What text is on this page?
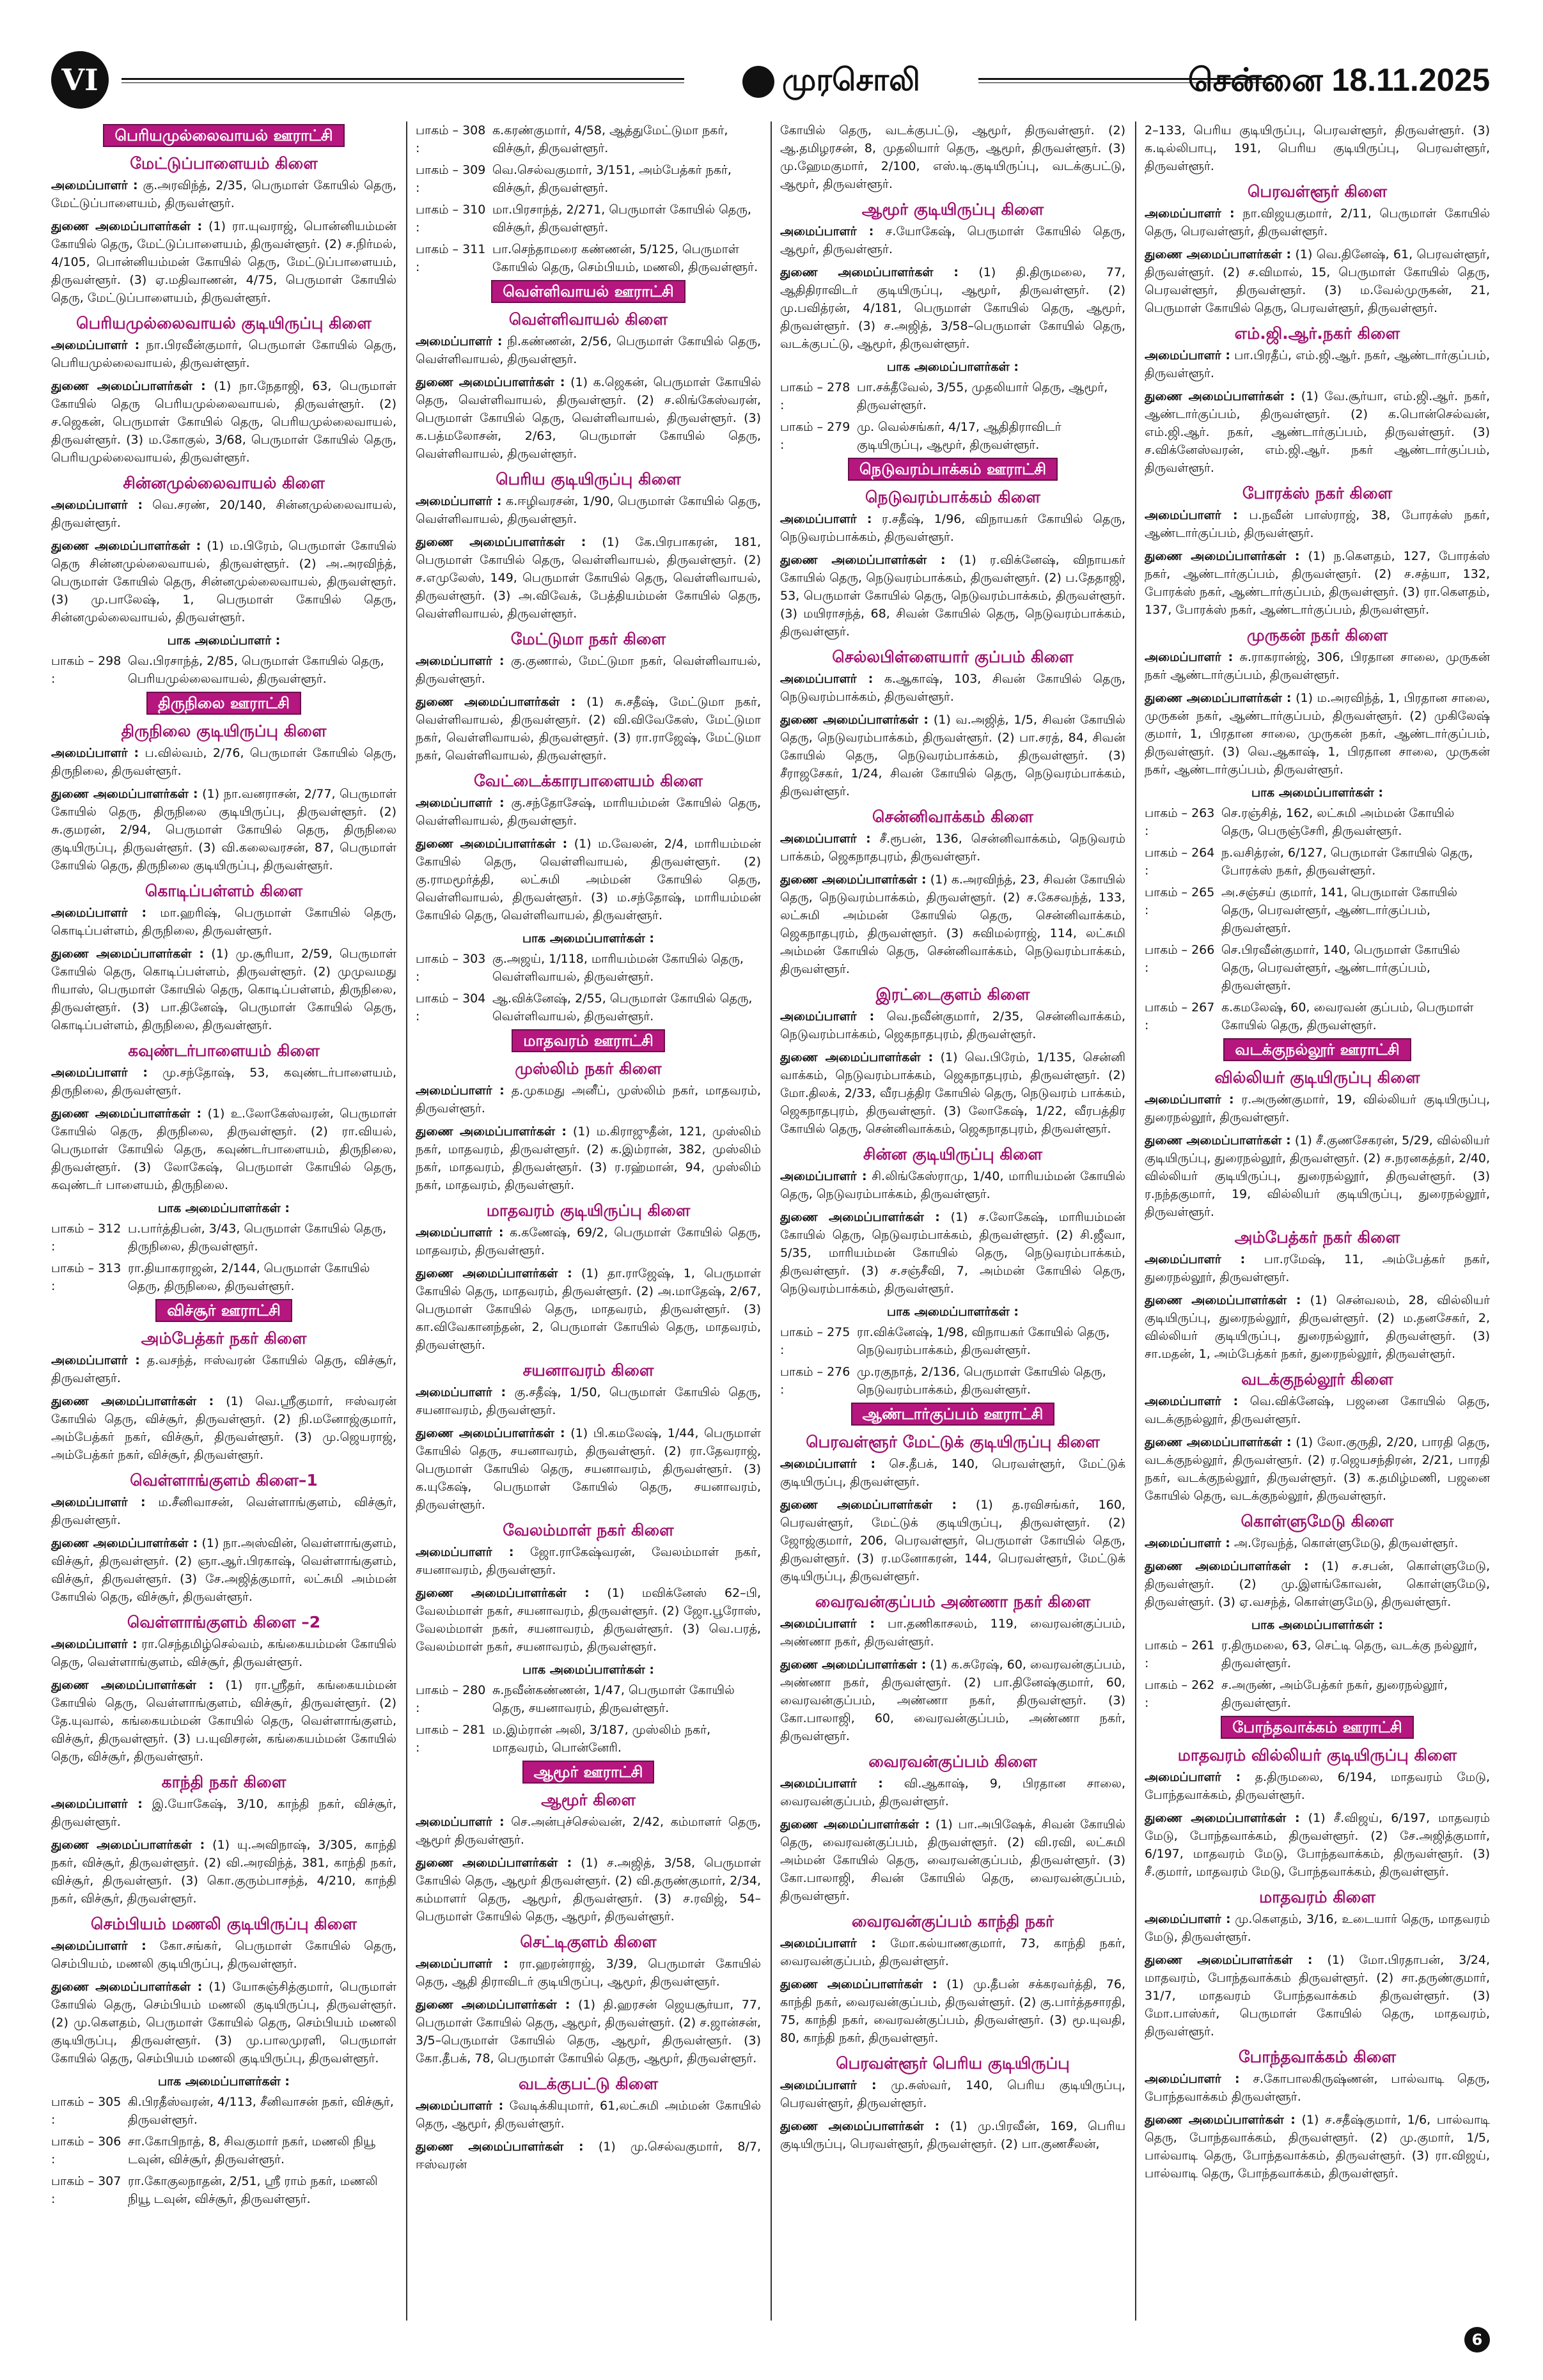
VI	முரசொலி	சென்னை 18.11.2025
பெரியமுல்லைவாயல் ஊராட்சி
மேட்டுப்பாளையம் கிளை

அமைப்பாளர் : கு.அரவிந்த், 2/35, பெருமாள் கோயில் தெரு, மேட்டுப்பாளையம், திருவள்ளூர்.

துணை அமைப்பாளர்கள் : (1) ரா.யுவராஜ், பொன்னியம்மன் கோயில் தெரு, மேட்டுப்பாளையம், திருவள்ளூர். (2) ச.நிர்மல், 4/105, பொன்னியம்மன் கோயில் தெரு, மேட்டுப்பாளையம், திருவள்ளூர். (3) ஏ.மதிவாணன், 4/75, பெருமாள் கோயில் தெரு, மேட்டுப்பாளையம், திருவள்ளூர்.

பெரியமுல்லைவாயல் குடியிருப்பு கிளை

அமைப்பாளர் : நா.பிரவீன்குமார், பெருமாள் கோயில் தெரு, பெரியமுல்லைவாயல், திருவள்ளூர்.

துணை அமைப்பாளர்கள் : (1) நா.நேதாஜி, 63, பெருமாள் கோயில் தெரு பெரியமுல்லைவாயல், திருவள்ளூர். (2) ச.ஜெகன், பெருமாள் கோயில் தெரு, பெரியமுல்லைவாயல், திருவள்ளூர். (3) ம.கோகுல், 3/68, பெருமாள் கோயில் தெரு, பெரியமுல்லைவாயல், திருவள்ளூர்.

சின்னமுல்லைவாயல் கிளை

அமைப்பாளர் : வெ.சரண், 20/140, சின்னமுல்லைவாயல், திருவள்ளூர்.

துணை அமைப்பாளர்கள் : (1) ம.பிரேம், பெருமாள் கோயில் தெரு சின்னமுல்லைவாயல், திருவள்ளூர். (2) அ.அரவிந்த், பெருமாள் கோயில் தெரு, சின்னமுல்லைவாயல், திருவள்ளூர். (3) மு.பாலேஷ், 1, பெருமாள் கோயில் தெரு, சின்னமுல்லைவாயல், திருவள்ளூர்.

பாக அமைப்பாளர் :
பாகம் – 298 :
வெ.பிரசாந்த், 2/85, பெருமாள் கோயில் தெரு, பெரியமுல்லைவாயல், திருவள்ளூர்.
திருநிலை ஊராட்சி
திருநிலை குடியிருப்பு கிளை

அமைப்பாளர் : ப.வில்வம், 2/76, பெருமாள் கோயில் தெரு, திருநிலை, திருவள்ளூர்.

துணை அமைப்பாளர்கள் : (1) நா.வனராசன், 2/77, பெருமாள் கோயில் தெரு, திருநிலை குடியிருப்பு, திருவள்ளூர். (2) சு.குமரன், 2/94, பெருமாள் கோயில் தெரு, திருநிலை குடியிருப்பு, திருவள்ளூர். (3) வி.கலைவரசன், 87, பெருமாள் கோயில் தெரு, திருநிலை குடியிருப்பு, திருவள்ளூர்.

கொடிப்பள்ளம் கிளை

அமைப்பாளர் : மா.ஹரிஷ், பெருமாள் கோயில் தெரு, கொடிப்பள்ளம், திருநிலை, திருவள்ளூர்.

துணை அமைப்பாளர்கள் : (1) மு.சூரியா, 2/59, பெருமாள் கோயில் தெரு, கொடிப்பள்ளம், திருவள்ளூர். (2) முமுவமது ரியாஸ், பெருமாள் கோயில் தெரு, கொடிப்பள்ளம், திருநிலை, திருவள்ளூர். (3) பா.தினேஷ், பெருமாள் கோயில் தெரு, கொடிப்பள்ளம், திருநிலை, திருவள்ளூர்.

கவுண்டர்பாளையம் கிளை

அமைப்பாளர் : மு.சந்தோஷ், 53, கவுண்டர்பாளையம், திருநிலை, திருவள்ளூர்.

துணை அமைப்பாளர்கள் : (1) உ.லோகேஸ்வரன், பெருமாள் கோயில் தெரு, திருநிலை, திருவள்ளூர். (2) ரா.வியல், பெருமாள் கோயில் தெரு, கவுண்டர்பாளையம், திருநிலை, திருவள்ளூர். (3) லோகேஷ், பெருமாள் கோயில் தெரு, கவுண்டர் பாளையம், திருநிலை.

பாக அமைப்பாளர்கள் :
பாகம் – 312 :
ப.பார்த்திபன், 3/43, பெருமாள் கோயில் தெரு, திருநிலை, திருவள்ளூர்.
பாகம் – 313 :
ரா.தியாகராஜன், 2/144, பெருமாள் கோயில் தெரு, திருநிலை, திருவள்ளூர்.
விச்சூர் ஊராட்சி
அம்பேத்கர் நகர் கிளை

அமைப்பாளர் : த.வசந்த், ஈஸ்வரன் கோயில் தெரு, விச்சூர், திருவள்ளூர்.

துணை அமைப்பாளர்கள் : (1) வெ.ஸ்ரீகுமார், ஈஸ்வரன் கோயில் தெரு, விச்சூர், திருவள்ளூர். (2) நி.மனோஜ்குமார், அம்பேத்கர் நகர், விச்சூர், திருவள்ளூர். (3) மு.ஜெயராஜ், அம்பேத்கர் நகர், விச்சூர், திருவள்ளூர்.

வெள்ளாங்குளம் கிளை–1

அமைப்பாளர் : ம.சீனிவாசன், வெள்ளாங்குளம், விச்சூர், திருவள்ளூர்.

துணை அமைப்பாளர்கள் : (1) நா.அஸ்வின், வெள்ளாங்குளம், விச்சூர், திருவள்ளூர். (2) ஞா.ஆர்.பிரகாஷ், வெள்ளாங்குளம், விச்சூர், திருவள்ளூர். (3) சே.அஜித்குமார், லட்சுமி அம்மன் கோயில் தெரு, விச்சூர், திருவள்ளூர்.

வெள்ளாங்குளம் கிளை –2

அமைப்பாளர் : ரா.செந்தமிழ்செல்வம், கங்கையம்மன் கோயில் தெரு, வெள்ளாங்குளம், விச்சூர், திருவள்ளூர்.

துணை அமைப்பாளர்கள் : (1) ரா.ஸ்ரீதர், கங்கையம்மன் கோயில் தெரு, வெள்ளாங்குளம், விச்சூர், திருவள்ளூர். (2) தே.யுவால், கங்கையம்மன் கோயில் தெரு, வெள்ளாங்குளம், விச்சூர், திருவள்ளூர். (3) ப.யுவிசரன், கங்கையம்மன் கோயில் தெரு, விச்சூர், திருவள்ளூர்.

காந்தி நகர் கிளை

அமைப்பாளர் : இ.யோகேஷ், 3/10, காந்தி நகர், விச்சூர், திருவள்ளூர்.

துணை அமைப்பாளர்கள் : (1) யு.அவிநாஷ், 3/305, காந்தி நகர், விச்சூர், திருவள்ளூர். (2) வி.அரவிந்த், 381, காந்தி நகர், விச்சூர், திருவள்ளூர். (3) கொ.குரும்பாசந்த், 4/210, காந்தி நகர், விச்சூர், திருவள்ளூர்.

செம்பியம் மணலி குடியிருப்பு கிளை

அமைப்பாளர் : கோ.சங்கர், பெருமாள் கோயில் தெரு, செம்பியம், மணலி குடியிருப்பு, திருவள்ளூர்.

துணை அமைப்பாளர்கள் : (1) யோசுஞ்சித்குமார், பெருமாள் கோயில் தெரு, செம்பியம் மணலி குடியிருப்பு, திருவள்ளூர். (2) மு.கௌதம், பெருமாள் கோயில் தெரு, செம்பியம் மணலி குடியிருப்பு, திருவள்ளூர். (3) மு.பாலமுரளி, பெருமாள் கோயில் தெரு, செம்பியம் மணலி குடியிருப்பு, திருவள்ளூர்.

பாக அமைப்பாளர்கள் :
பாகம் – 305 :
கி.பிரதீஸ்வரன், 4/113, சீனிவாசன் நகர், விச்சூர், திருவள்ளூர்.
பாகம் – 306 :
சா.கோபிநாத், 8, சிவகுமார் நகர், மணலி நியூ டவுன், விச்சூர், திருவள்ளூர்.
பாகம் – 307 :
ரா.கோகுலநாதன், 2/51, ஸ்ரீ ராம் நகர், மணலி நியூ டவுன், விச்சூர், திருவள்ளூர்.
பாகம் – 308 :
க.கரண்குமார், 4/58, ஆத்துமேட்டுமா நகர், விச்சூர், திருவள்ளூர்.
பாகம் – 309 :
வெ.செல்வகுமார், 3/151, அம்பேத்கர் நகர், விச்சூர், திருவள்ளூர்.
பாகம் – 310 :
மா.பிரசாந்த், 2/271, பெருமாள் கோயில் தெரு, விச்சூர், திருவள்ளூர்.
பாகம் – 311 :
பா.செந்தாமரை கண்ணன், 5/125, பெருமாள் கோயில் தெரு, செம்பியம், மணலி, திருவள்ளூர்.
வெள்ளிவாயல் ஊராட்சி
வெள்ளிவாயல் கிளை

அமைப்பாளர் : நி.கண்ணன், 2/56, பெருமாள் கோயில் தெரு, வெள்ளிவாயல், திருவள்ளூர்.

துணை அமைப்பாளர்கள் : (1) க.ஜெகன், பெருமாள் கோயில் தெரு, வெள்ளிவாயல், திருவள்ளூர். (2) ச.லிங்கேஸ்வரன், பெருமாள் கோயில் தெரு, வெள்ளிவாயல், திருவள்ளூர். (3) க.பத்மலோசன், 2/63, பெருமாள் கோயில் தெரு, வெள்ளிவாயல், திருவள்ளூர்.

பெரிய குடியிருப்பு கிளை

அமைப்பாளர் : க.ஈழிவரசன், 1/90, பெருமாள் கோயில் தெரு, வெள்ளிவாயல், திருவள்ளூர்.

துணை அமைப்பாளர்கள் : (1) கே.பிரபாகரன், 181, பெருமாள் கோயில் தெரு, வெள்ளிவாயல், திருவள்ளூர். (2) ச.எமுலேஸ், 149, பெருமாள் கோயில் தெரு, வெள்ளிவாயல், திருவள்ளூர். (3) அ.விவேக், பேத்தியம்மன் கோயில் தெரு, வெள்ளிவாயல், திருவள்ளூர்.

மேட்டுமா நகர் கிளை

அமைப்பாளர் : கு.குணால், மேட்டுமா நகர், வெள்ளிவாயல், திருவள்ளூர்.

துணை அமைப்பாளர்கள் : (1) சு.சதீஷ், மேட்டுமா நகர், வெள்ளிவாயல், திருவள்ளூர். (2) வி.விவேகேஸ், மேட்டுமா நகர், வெள்ளிவாயல், திருவள்ளூர். (3) ரா.ராஜேஷ், மேட்டுமா நகர், வெள்ளிவாயல், திருவள்ளூர்.

வேட்டைக்காரபாளையம் கிளை

அமைப்பாளர் : கு.சந்தோசேஷ், மாரியம்மன் கோயில் தெரு, வெள்ளிவாயல், திருவள்ளூர்.

துணை அமைப்பாளர்கள் : (1) ம.வேலன், 2/4, மாரியம்மன் கோயில் தெரு, வெள்ளிவாயல், திருவள்ளூர். (2) கு.ராமமூர்த்தி, லட்சுமி அம்மன் கோயில் தெரு, வெள்ளிவாயல், திருவள்ளூர். (3) ம.சந்தோஷ், மாரியம்மன் கோயில் தெரு, வெள்ளிவாயல், திருவள்ளூர்.

பாக அமைப்பாளர்கள் :
பாகம் – 303 :
கு.அஜய், 1/118, மாரியம்மன் கோயில் தெரு, வெள்ளிவாயல், திருவள்ளூர்.
பாகம் – 304 :
ஆ.விக்னேஷ், 2/55, பெருமாள் கோயில் தெரு, வெள்ளிவாயல், திருவள்ளூர்.
மாதவரம் ஊராட்சி
முஸ்லிம் நகர் கிளை

அமைப்பாளர் : த.முகமது அனீப், முஸ்லிம் நகர், மாதவரம், திருவள்ளூர்.

துணை அமைப்பாளர்கள் : (1) ம.கிராஜுதீன், 121, முஸ்லிம் நகர், மாதவரம், திருவள்ளூர். (2) க.இம்ரான், 382, முஸ்லிம் நகர், மாதவரம், திருவள்ளூர். (3) ர.ரஹ்மான், 94, முஸ்லிம் நகர், மாதவரம், திருவள்ளூர்.

மாதவரம் குடியிருப்பு கிளை

அமைப்பாளர் : க.கணேஷ், 69/2, பெருமாள் கோயில் தெரு, மாதவரம், திருவள்ளூர்.

துணை அமைப்பாளர்கள் : (1) தா.ராஜேஷ், 1, பெருமாள் கோயில் தெரு, மாதவரம், திருவள்ளூர். (2) அ.மாதேஷ், 2/67, பெருமாள் கோயில் தெரு, மாதவரம், திருவள்ளூர். (3) கா.விவேகானந்தன், 2, பெருமாள் கோயில் தெரு, மாதவரம், திருவள்ளூர்.

சயனாவரம் கிளை

அமைப்பாளர் : கு.சதீஷ், 1/50, பெருமாள் கோயில் தெரு, சயனாவரம், திருவள்ளூர்.

துணை அமைப்பாளர்கள் : (1) பி.கமலேஷ், 1/44, பெருமாள் கோயில் தெரு, சயனாவரம், திருவள்ளூர். (2) ரா.தேவராஜ், பெருமாள் கோயில் தெரு, சயனாவரம், திருவள்ளூர். (3) க.யுகேஷ், பெருமாள் கோயில் தெரு, சயனாவரம், திருவள்ளூர்.

வேலம்மாள் நகர் கிளை

அமைப்பாளர் : ஜோ.ராகேஷ்வரன், வேலம்மாள் நகர், சயனாவரம், திருவள்ளூர்.

துணை அமைப்பாளர்கள் : (1) மவிக்னேஸ் 62–பி, வேலம்மாள் நகர், சயனாவரம், திருவள்ளூர். (2) ஜோ.பூரோஸ், வேலம்மாள் நகர், சயனாவரம், திருவள்ளூர். (3) வெ.பரத், வேலம்மாள் நகர், சயனாவரம், திருவள்ளூர்.

பாக அமைப்பாளர்கள் :
பாகம் – 280 :
சு.நவீன்கண்ணன், 1/47, பெருமாள் கோயில் தெரு, சயனாவரம், திருவள்ளூர்.
பாகம் – 281 :
ம.இம்ரான் அலி, 3/187, முஸ்லிம் நகர், மாதவரம், பொன்னேரி.
ஆமூர் ஊராட்சி
ஆமூர் கிளை

அமைப்பாளர் : செ.அன்புச்செல்வன், 2/42, கம்மாளர் தெரு, ஆமூர் திருவள்ளூர்.

துணை அமைப்பாளர்கள் : (1) ச.அஜித், 3/58, பெருமாள் கோயில் தெரு, ஆமூர் திருவள்ளூர். (2) வி.தருண்குமார், 2/34, கம்மாளர் தெரு, ஆமூர், திருவள்ளூர். (3) ச.ரவிஜ், 54–பெருமாள் கோயில் தெரு, ஆமூர், திருவள்ளூர்.

செட்டிகுளம் கிளை

அமைப்பாளர் : ரா.ஹரன்ராஜ், 3/39, பெருமாள் கோயில் தெரு, ஆதி திராவிடர் குடியிருப்பு, ஆமூர், திருவள்ளூர்.

துணை அமைப்பாளர்கள் : (1) தி.ஹரசன் ஜெயசூர்யா, 77, பெருமாள் கோயில் தெரு, ஆமூர், திருவள்ளூர். (2) ச.ஜான்சன், 3/5–பெருமாள் கோயில் தெரு, ஆமூர், திருவள்ளூர். (3) கோ.தீபக், 78, பெருமாள் கோயில் தெரு, ஆமூர், திருவள்ளூர்.

வடக்குபட்டு கிளை

அமைப்பாளர் : வேடிக்கியுமார், 61,லட்சுமி அம்மன் கோயில் தெரு, ஆமூர், திருவள்ளூர்.

துணை அமைப்பாளர்கள் : (1) மு.செல்வகுமார், 8/7, ஈஸ்வரன்

கோயில் தெரு, வடக்குபட்டு, ஆமூர், திருவள்ளூர். (2) ஆ.தமிழரசன், 8, முதலியார் தெரு, ஆமூர், திருவள்ளூர். (3) மு.ஹேமகுமார், 2/100, எஸ்.டி.குடியிருப்பு, வடக்குபட்டு, ஆமூர், திருவள்ளூர்.

ஆமூர் குடியிருப்பு கிளை

அமைப்பாளர் : ச.யோகேஷ், பெருமாள் கோயில் தெரு, ஆமூர், திருவள்ளூர்.

துணை அமைப்பாளர்கள் : (1) தி.திருமலை, 77, ஆதிதிராவிடர் குடியிருப்பு, ஆமூர், திருவள்ளூர். (2) மு.பவித்ரன், 4/181, பெருமாள் கோயில் தெரு, ஆமூர், திருவள்ளூர். (3) ச.அஜித், 3/58–பெருமாள் கோயில் தெரு, வடக்குபட்டு, ஆமூர், திருவள்ளூர்.

பாக அமைப்பாளர்கள் :
பாகம் – 278 :
பா.சக்தீவேல், 3/55, முதலியார் தெரு, ஆமூர், திருவள்ளூர்.
பாகம் – 279 :
மு. வெல்சங்கர், 4/17, ஆதிதிராவிடர் குடியிருப்பு, ஆமூர், திருவள்ளூர்.
நெடுவரம்பாக்கம் ஊராட்சி
நெடுவரம்பாக்கம் கிளை

அமைப்பாளர் : ர.சதீஷ், 1/96, விநாயகர் கோயில் தெரு, நெடுவரம்பாக்கம், திருவள்ளூர்.

துணை அமைப்பாளர்கள் : (1) ர.விக்னேஷ், விநாயகர் கோயில் தெரு, நெடுவரம்பாக்கம், திருவள்ளூர். (2) ப.தேதாஜி, 53, பெருமாள் கோயில் தெரு, நெடுவரம்பாக்கம், திருவள்ளூர். (3) மயிராசந்த், 68, சிவன் கோயில் தெரு, நெடுவரம்பாக்கம், திருவள்ளூர்.

செல்லபிள்ளையார் குப்பம் கிளை

அமைப்பாளர் : க.ஆகாஷ், 103, சிவன் கோயில் தெரு, நெடுவரம்பாக்கம், திருவள்ளூர்.

துணை அமைப்பாளர்கள் : (1) வ.அஜித், 1/5, சிவன் கோயில் தெரு, நெடுவரம்பாக்கம், திருவள்ளூர். (2) பா.சரத், 84, சிவன் கோயில் தெரு, நெடுவரம்பாக்கம், திருவள்ளூர். (3) சீராஜசேகர், 1/24, சிவன் கோயில் தெரு, நெடுவரம்பாக்கம், திருவள்ளூர்.

சென்னிவாக்கம் கிளை

அமைப்பாளர் : சீ.ரூபன், 136, சென்னிவாக்கம், நெடுவரம் பாக்கம், ஜெகநாதபுரம், திருவள்ளூர்.

துணை அமைப்பாளர்கள் : (1) க.அரவிந்த், 23, சிவன் கோயில் தெரு, நெடுவரம்பாக்கம், திருவள்ளூர். (2) ச.கேசவந்த், 133, லட்சுமி அம்மன் கோயில் தெரு, சென்னிவாக்கம், ஜெகநாதபுரம், திருவள்ளூர். (3) சுவிமல்ராஜ், 114, லட்சுமி அம்மன் கோயில் தெரு, சென்னிவாக்கம், நெடுவரம்பாக்கம், திருவள்ளூர்.

இரட்டைகுளம் கிளை

அமைப்பாளர் : வெ.நவீன்குமார், 2/35, சென்னிவாக்கம், நெடுவரம்பாக்கம், ஜெகநாதபுரம், திருவள்ளூர்.

துணை அமைப்பாளர்கள் : (1) வெ.பிரேம், 1/135, சென்னி வாக்கம், நெடுவரம்பாக்கம், ஜெகநாதபுரம், திருவள்ளூர். (2) மோ.திலக், 2/33, வீரபத்திர கோயில் தெரு, நெடுவரம் பாக்கம், ஜெகநாதபுரம், திருவள்ளூர். (3) லோகேஷ், 1/22, வீரபத்திர கோயில் தெரு, சென்னிவாக்கம், ஜெகநாதபுரம், திருவள்ளூர்.

சின்ன குடியிருப்பு கிளை

அமைப்பாளர் : சி.லிங்கேஸ்ராமு, 1/40, மாரியம்மன் கோயில் தெரு, நெடுவரம்பாக்கம், திருவள்ளூர்.

துணை அமைப்பாளர்கள் : (1) ச.லோகேஷ், மாரியம்மன் கோயில் தெரு, நெடுவரம்பாக்கம், திருவள்ளூர். (2) சி.ஜீவா, 5/35, மாரியம்மன் கோயில் தெரு, நெடுவரம்பாக்கம், திருவள்ளூர். (3) ச.சஞ்சீவி, 7, அம்மன் கோயில் தெரு, நெடுவரம்பாக்கம், திருவள்ளூர்.

பாக அமைப்பாளர்கள் :
பாகம் – 275 :
ரா.விக்னேஷ், 1/98, விநாயகர் கோயில் தெரு, நெடுவரம்பாக்கம், திருவள்ளூர்.
பாகம் – 276 :
மு.ரகுநாத், 2/136, பெருமாள் கோயில் தெரு, நெடுவரம்பாக்கம், திருவள்ளூர்.
ஆண்டார்குப்பம் ஊராட்சி
பெரவள்ளூர் மேட்டுக் குடியிருப்பு கிளை

அமைப்பாளர் : செ.தீபக், 140, பெரவள்ளூர், மேட்டுக் குடியிருப்பு, திருவள்ளூர்.

துணை அமைப்பாளர்கள் : (1) த.ரவிசங்கர், 160, பெரவள்ளூர், மேட்டுக் குடியிருப்பு, திருவள்ளூர். (2) ஜோஜ்குமார், 206, பெரவள்ளூர், பெருமாள் கோயில் தெரு, திருவள்ளூர். (3) ர.மனோகரன், 144, பெரவள்ளூர், மேட்டுக் குடியிருப்பு, திருவள்ளூர்.

வைரவன்குப்பம் அண்ணா நகர் கிளை

அமைப்பாளர் : பா.தணிகாசலம், 119, வைரவன்குப்பம், அண்ணா நகர், திருவள்ளூர்.

துணை அமைப்பாளர்கள் : (1) க.சுரேஷ், 60, வைரவன்குப்பம், அண்ணா நகர், திருவள்ளூர். (2) பா.தினேஷ்குமார், 60, வைரவன்குப்பம், அண்ணா நகர், திருவள்ளூர். (3) கோ.பாலாஜி, 60, வைரவன்குப்பம், அண்ணா நகர், திருவள்ளூர்.

வைரவன்குப்பம் கிளை

அமைப்பாளர் : வி.ஆகாஷ், 9, பிரதான சாலை, வைரவன்குப்பம், திருவள்ளூர்.

துணை அமைப்பாளர்கள் : (1) பா.அபிஷேக், சிவன் கோயில் தெரு, வைரவன்குப்பம், திருவள்ளூர். (2) வி.ரவி, லட்சுமி அம்மன் கோயில் தெரு, வைரவன்குப்பம், திருவள்ளூர். (3) கோ.பாலாஜி, சிவன் கோயில் தெரு, வைரவன்குப்பம், திருவள்ளூர்.

வைரவன்குப்பம் காந்தி நகர்

அமைப்பாளர் : மோ.கல்யாணகுமார், 73, காந்தி நகர், வைரவன்குப்பம், திருவள்ளூர்.

துணை அமைப்பாளர்கள் : (1) மு.தீபன் சக்கரவர்த்தி, 76, காந்தி நகர், வைரவன்குப்பம், திருவள்ளூர். (2) கு.பார்த்தசாரதி, 75, காந்தி நகர், வைரவன்குப்பம், திருவள்ளூர். (3) மூ.யுவதி, 80, காந்தி நகர், திருவள்ளூர்.

பெரவள்ளூர் பெரிய குடியிருப்பு

அமைப்பாளர் : மு.சுஸ்வர், 140, பெரிய குடியிருப்பு, பெரவள்ளூர், திருவள்ளூர்.

துணை அமைப்பாளர்கள் : (1) மு.பிரவீன், 169, பெரிய குடியிருப்பு, பெரவள்ளூர், திருவள்ளூர். (2) பா.குணசீலன்,

2–133, பெரிய குடியிருப்பு, பெரவள்ளூர், திருவள்ளூர். (3) க.டில்லிபாபு, 191, பெரிய குடியிருப்பு, பெரவள்ளூர், திருவள்ளூர்.

பெரவள்ளூர் கிளை

அமைப்பாளர் : நா.விஜயகுமார், 2/11, பெருமாள் கோயில் தெரு, பெரவள்ளூர், திருவள்ளூர்.

துணை அமைப்பாளர்கள் : (1) வெ.தினேஷ், 61, பெரவள்ளூர், திருவள்ளூர். (2) ச.விமால், 15, பெருமாள் கோயில் தெரு, பெரவள்ளூர், திருவள்ளூர். (3) ம.வேல்முருகன், 21, பெருமாள் கோயில் தெரு, பெரவள்ளூர், திருவள்ளூர்.

எம்.ஜி.ஆர்.நகர் கிளை

அமைப்பாளர் : பா.பிரதீப், எம்.ஜி.ஆர். நகர், ஆண்டார்குப்பம், திருவள்ளூர்.

துணை அமைப்பாளர்கள் : (1) வே.சூர்யா, எம்.ஜி.ஆர். நகர், ஆண்டார்குப்பம், திருவள்ளூர். (2) க.பொன்செல்வன், எம்.ஜி.ஆர். நகர், ஆண்டார்குப்பம், திருவள்ளூர். (3) ச.விக்னேஸ்வரன், எம்.ஜி.ஆர். நகர் ஆண்டார்குப்பம், திருவள்ளூர்.

போரக்ஸ் நகர் கிளை

அமைப்பாளர் : ப.நவீன் பாஸ்ராஜ், 38, போரக்ஸ் நகர், ஆண்டார்குப்பம், திருவள்ளூர்.

துணை அமைப்பாளர்கள் : (1) ந.கௌதம், 127, போரக்ஸ் நகர், ஆண்டார்குப்பம், திருவள்ளூர். (2) ச.சத்யா, 132, போரக்ஸ் நகர், ஆண்டார்குப்பம், திருவள்ளூர். (3) ரா.கௌதம், 137, போரக்ஸ் நகர், ஆண்டார்குப்பம், திருவள்ளூர்.

முருகன் நகர் கிளை

அமைப்பாளர் : சு.ராகரான்ஜ், 306, பிரதான சாலை, முருகன் நகர் ஆண்டார்குப்பம், திருவள்ளூர்.

துணை அமைப்பாளர்கள் : (1) ம.அரவிந்த், 1, பிரதான சாலை, முருகன் நகர், ஆண்டார்குப்பம், திருவள்ளூர். (2) முகிலேஷ் குமார், 1, பிரதான சாலை, முருகன் நகர், ஆண்டார்குப்பம், திருவள்ளூர். (3) வெ.ஆகாஷ், 1, பிரதான சாலை, முருகன் நகர், ஆண்டார்குப்பம், திருவள்ளூர்.

பாக அமைப்பாளர்கள் :
பாகம் – 263 :
செ.ரஞ்சித், 162, லட்சுமி அம்மன் கோயில் தெரு, பெருஞ்சேரி, திருவள்ளூர்.
பாகம் – 264 :
ந.வசித்ரன், 6/127, பெருமாள் கோயில் தெரு, போரக்ஸ் நகர், திருவள்ளூர்.
பாகம் – 265 :
அ.சஞ்சய் குமார், 141, பெருமாள் கோயில் தெரு, பெரவள்ளூர், ஆண்டார்குப்பம், திருவள்ளூர்.
பாகம் – 266 :
செ.பிரவீன்குமார், 140, பெருமாள் கோயில் தெரு, பெரவள்ளூர், ஆண்டார்குப்பம், திருவள்ளூர்.
பாகம் – 267 :
க.கமலேஷ், 60, வைரவன் குப்பம், பெருமாள் கோயில் தெரு, திருவள்ளூர்.
வடக்குநல்லூர் ஊராட்சி
வில்லியர் குடியிருப்பு கிளை

அமைப்பாளர் : ர.அருண்குமார், 19, வில்லியர் குடியிருப்பு, துரைநல்லூர், திருவள்ளூர்.

துணை அமைப்பாளர்கள் : (1) சீ.குணசேகரன், 5/29, வில்லியர் குடியிருப்பு, துரைநல்லூர், திருவள்ளூர். (2) ச.நரனகத்தர், 2/40, வில்லியர் குடியிருப்பு, துரைநல்லூர், திருவள்ளூர். (3) ர.நந்தகுமார், 19, வில்லியர் குடியிருப்பு, துரைநல்லூர், திருவள்ளூர்.

அம்பேத்கர் நகர் கிளை

அமைப்பாளர் : பா.ரமேஷ், 11, அம்பேத்கர் நகர், துரைநல்லூர், திருவள்ளூர்.

துணை அமைப்பாளர்கள் : (1) சென்வலம், 28, வில்லியர் குடியிருப்பு, துரைநல்லூர், திருவள்ளூர். (2) ம.தனசேகர், 2, வில்லியர் குடியிருப்பு, துரைநல்லூர், திருவள்ளூர். (3) சா.மதன், 1, அம்பேத்கர் நகர், துரைநல்லூர், திருவள்ளூர்.

வடக்குநல்லூர் கிளை

அமைப்பாளர் : வெ.விக்னேஷ், பஜனை கோயில் தெரு, வடக்குநல்லூர், திருவள்ளூர்.

துணை அமைப்பாளர்கள் : (1) லோ.குருதி, 2/20, பாரதி தெரு, வடக்குநல்லூர், திருவள்ளூர். (2) ர.ஜெயசந்திரன், 2/21, பாரதி நகர், வடக்குநல்லூர், திருவள்ளூர். (3) க.தமிழ்மணி, பஜனை கோயில் தெரு, வடக்குநல்லூர், திருவள்ளூர்.

கொள்ளுமேடு கிளை

அமைப்பாளர் : அ.ரேவந்த், கொள்ளுமேடு, திருவள்ளூர்.

துணை அமைப்பாளர்கள் : (1) ச.சபன், கொள்ளுமேடு, திருவள்ளூர். (2) மு.இளங்கோவன், கொள்ளுமேடு, திருவள்ளூர். (3) ஏ.வசந்த், கொள்ளுமேடு, திருவள்ளூர்.

பாக அமைப்பாளர்கள் :
பாகம் – 261 :
ர.திருமலை, 63, செட்டி தெரு, வடக்கு நல்லூர், திருவள்ளூர்.
பாகம் – 262 :
ச.அருண், அம்பேத்கர் நகர், துரைநல்லூர், திருவள்ளூர்.
போந்தவாக்கம் ஊராட்சி
மாதவரம் வில்லியர் குடியிருப்பு கிளை

அமைப்பாளர் : த.திருமலை, 6/194, மாதவரம் மேடு, போந்தவாக்கம், திருவள்ளூர்.

துணை அமைப்பாளர்கள் : (1) சீ.விஜய், 6/197, மாதவரம் மேடு, போந்தவாக்கம், திருவள்ளூர். (2) சே.அஜித்குமார், 6/197, மாதவரம் மேடு, போந்தவாக்கம், திருவள்ளூர். (3) சீ.குமார், மாதவரம் மேடு, போந்தவாக்கம், திருவள்ளூர்.

மாதவரம் கிளை

அமைப்பாளர் : மு.கௌதம், 3/16, உடையார் தெரு, மாதவரம் மேடு, திருவள்ளூர்.

துணை அமைப்பாளர்கள் : (1) மோ.பிரதாபன், 3/24, மாதவரம், போந்தவாக்கம் திருவள்ளூர். (2) சா.தருண்குமார், 31/7, மாதவரம் போந்தவாக்கம் திருவள்ளூர். (3) மோ.பாஸ்கர், பெருமாள் கோயில் தெரு, மாதவரம், திருவள்ளூர்.

போந்தவாக்கம் கிளை

அமைப்பாளர் : ச.கோபாலகிருஷ்ணன், பால்வாடி தெரு, போந்தவாக்கம் திருவள்ளூர்.

துணை அமைப்பாளர்கள் : (1) ச.சதீஷ்குமார், 1/6, பால்வாடி தெரு, போந்தவாக்கம், திருவள்ளூர். (2) மு.குமார், 1/5, பால்வாடி தெரு, போந்தவாக்கம், திருவள்ளூர். (3) ரா.விஜய், பால்வாடி தெரு, போந்தவாக்கம், திருவள்ளூர்.

6
